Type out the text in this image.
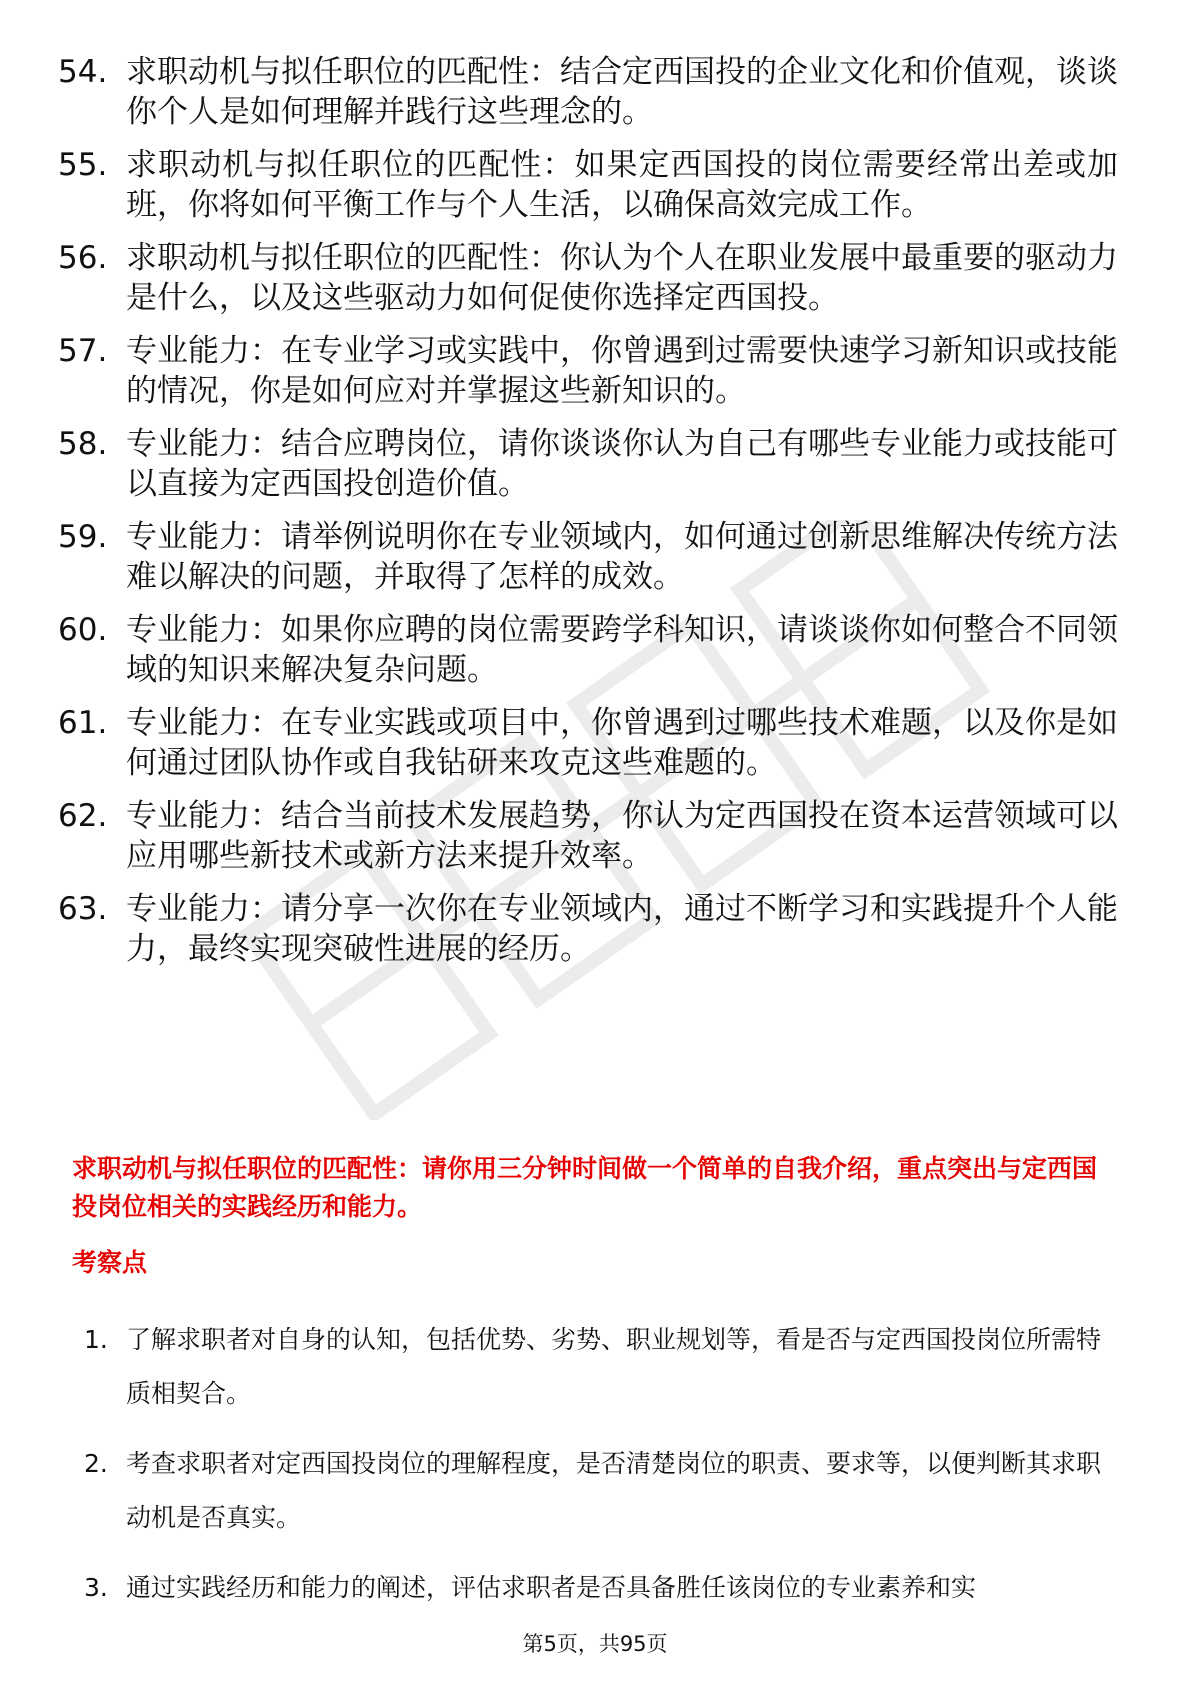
54. 求职动机与拟任职位的匹配性：结合定西国投的企业文化和价值观，谈谈你个人是如何理解并践行这些理念的。
55. 求职动机与拟任职位的匹配性：如果定西国投的岗位需要经常出差或加班，你将如何平衡工作与个人生活，以确保高效完成工作。
56. 求职动机与拟任职位的匹配性：你认为个人在职业发展中最重要的驱动力是什么，以及这些驱动力如何促使你选择定西国投。
57. 专业能力：在专业学习或实践中，你曾遇到过需要快速学习新知识或技能的情况，你是如何应对并掌握这些新知识的。
58. 专业能力：结合应聘岗位，请你谈谈你认为自己有哪些专业能力或技能可以直接为定西国投创造价值。
59. 专业能力：请举例说明你在专业领域内，如何通过创新思维解决传统方法难以解决的问题，并取得了怎样的成效。
60. 专业能力：如果你应聘的岗位需要跨学科知识，请谈谈你如何整合不同领域的知识来解决复杂问题。
61. 专业能力：在专业实践或项目中，你曾遇到过哪些技术难题，以及你是如何通过团队协作或自我钻研来攻克这些难题的。
62. 专业能力：结合当前技术发展趋势，你认为定西国投在资本运营领域可以应用哪些新技术或新方法来提升效率。
63. 专业能力：请分享一次你在专业领域内，通过不断学习和实践提升个人能力，最终实现突破性进展的经历。

求职动机与拟任职位的匹配性：请你用三分钟时间做一个简单的自我介绍，重点突出与定西国投岗位相关的实践经历和能力。

考察点
1. 了解求职者对自身的认知，包括优势、劣势、职业规划等，看是否与定西国投岗位所需特质相契合。
2. 考查求职者对定西国投岗位的理解程度，是否清楚岗位的职责、要求等，以便判断其求职动机是否真实。
3. 通过实践经历和能力的阐述，评估求职者是否具备胜任该岗位的专业素养和实
第5页，共95页
